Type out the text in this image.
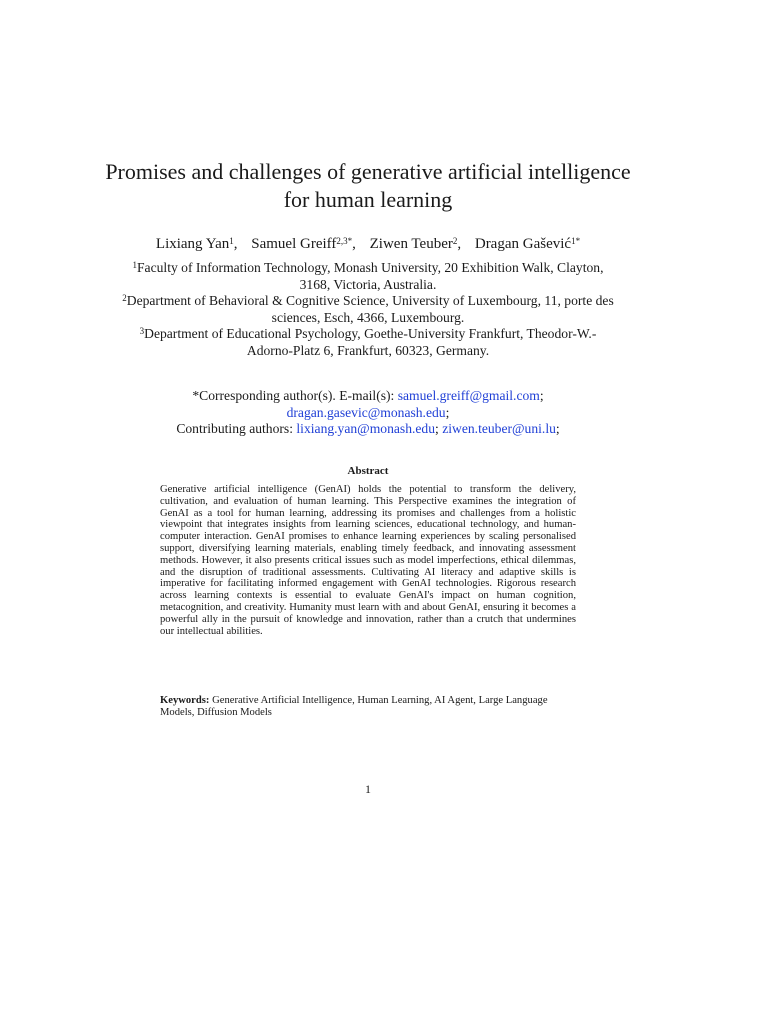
Promises and challenges of generative artificial intelligence for human learning
Lixiang Yan$^1$, Samuel Greiff$^{2,3*}$, Ziwen Teuber$^2$, Dragan Gašević$^{1*}$
$^1$Faculty of Information Technology, Monash University, 20 Exhibition Walk, Clayton, 3168, Victoria, Australia.
$^2$Department of Behavioral & Cognitive Science, University of Luxembourg, 11, porte des sciences, Esch, 4366, Luxembourg.
$^3$Department of Educational Psychology, Goethe-University Frankfurt, Theodor-W.-Adorno-Platz 6, Frankfurt, 60323, Germany.
*Corresponding author(s). E-mail(s): samuel.greiff@gmail.com;
dragan.gasevic@monash.edu;
Contributing authors: lixiang.yan@monash.edu; ziwen.teuber@uni.lu;
Abstract

Generative artificial intelligence (GenAI) holds the potential to transform the delivery, cultivation, and evaluation of human learning. This Perspective examines the integration of GenAI as a tool for human learning, addressing its promises and challenges from a holistic viewpoint that integrates insights from learning sciences, educational technology, and human-computer interaction. GenAI promises to enhance learning experiences by scaling personalised support, diversifying learning materials, enabling timely feedback, and innovating assessment methods. However, it also presents critical issues such as model imperfections, ethical dilemmas, and the disruption of traditional assessments. Cultivating AI literacy and adaptive skills is imperative for facilitating informed engagement with GenAI technologies. Rigorous research across learning contexts is essential to evaluate GenAI's impact on human cognition, metacognition, and creativity. Humanity must learn with and about GenAI, ensuring it becomes a powerful ally in the pursuit of knowledge and innovation, rather than a crutch that undermines our intellectual abilities.

Keywords: Generative Artificial Intelligence, Human Learning, AI Agent, Large Language Models, Diffusion Models

1
